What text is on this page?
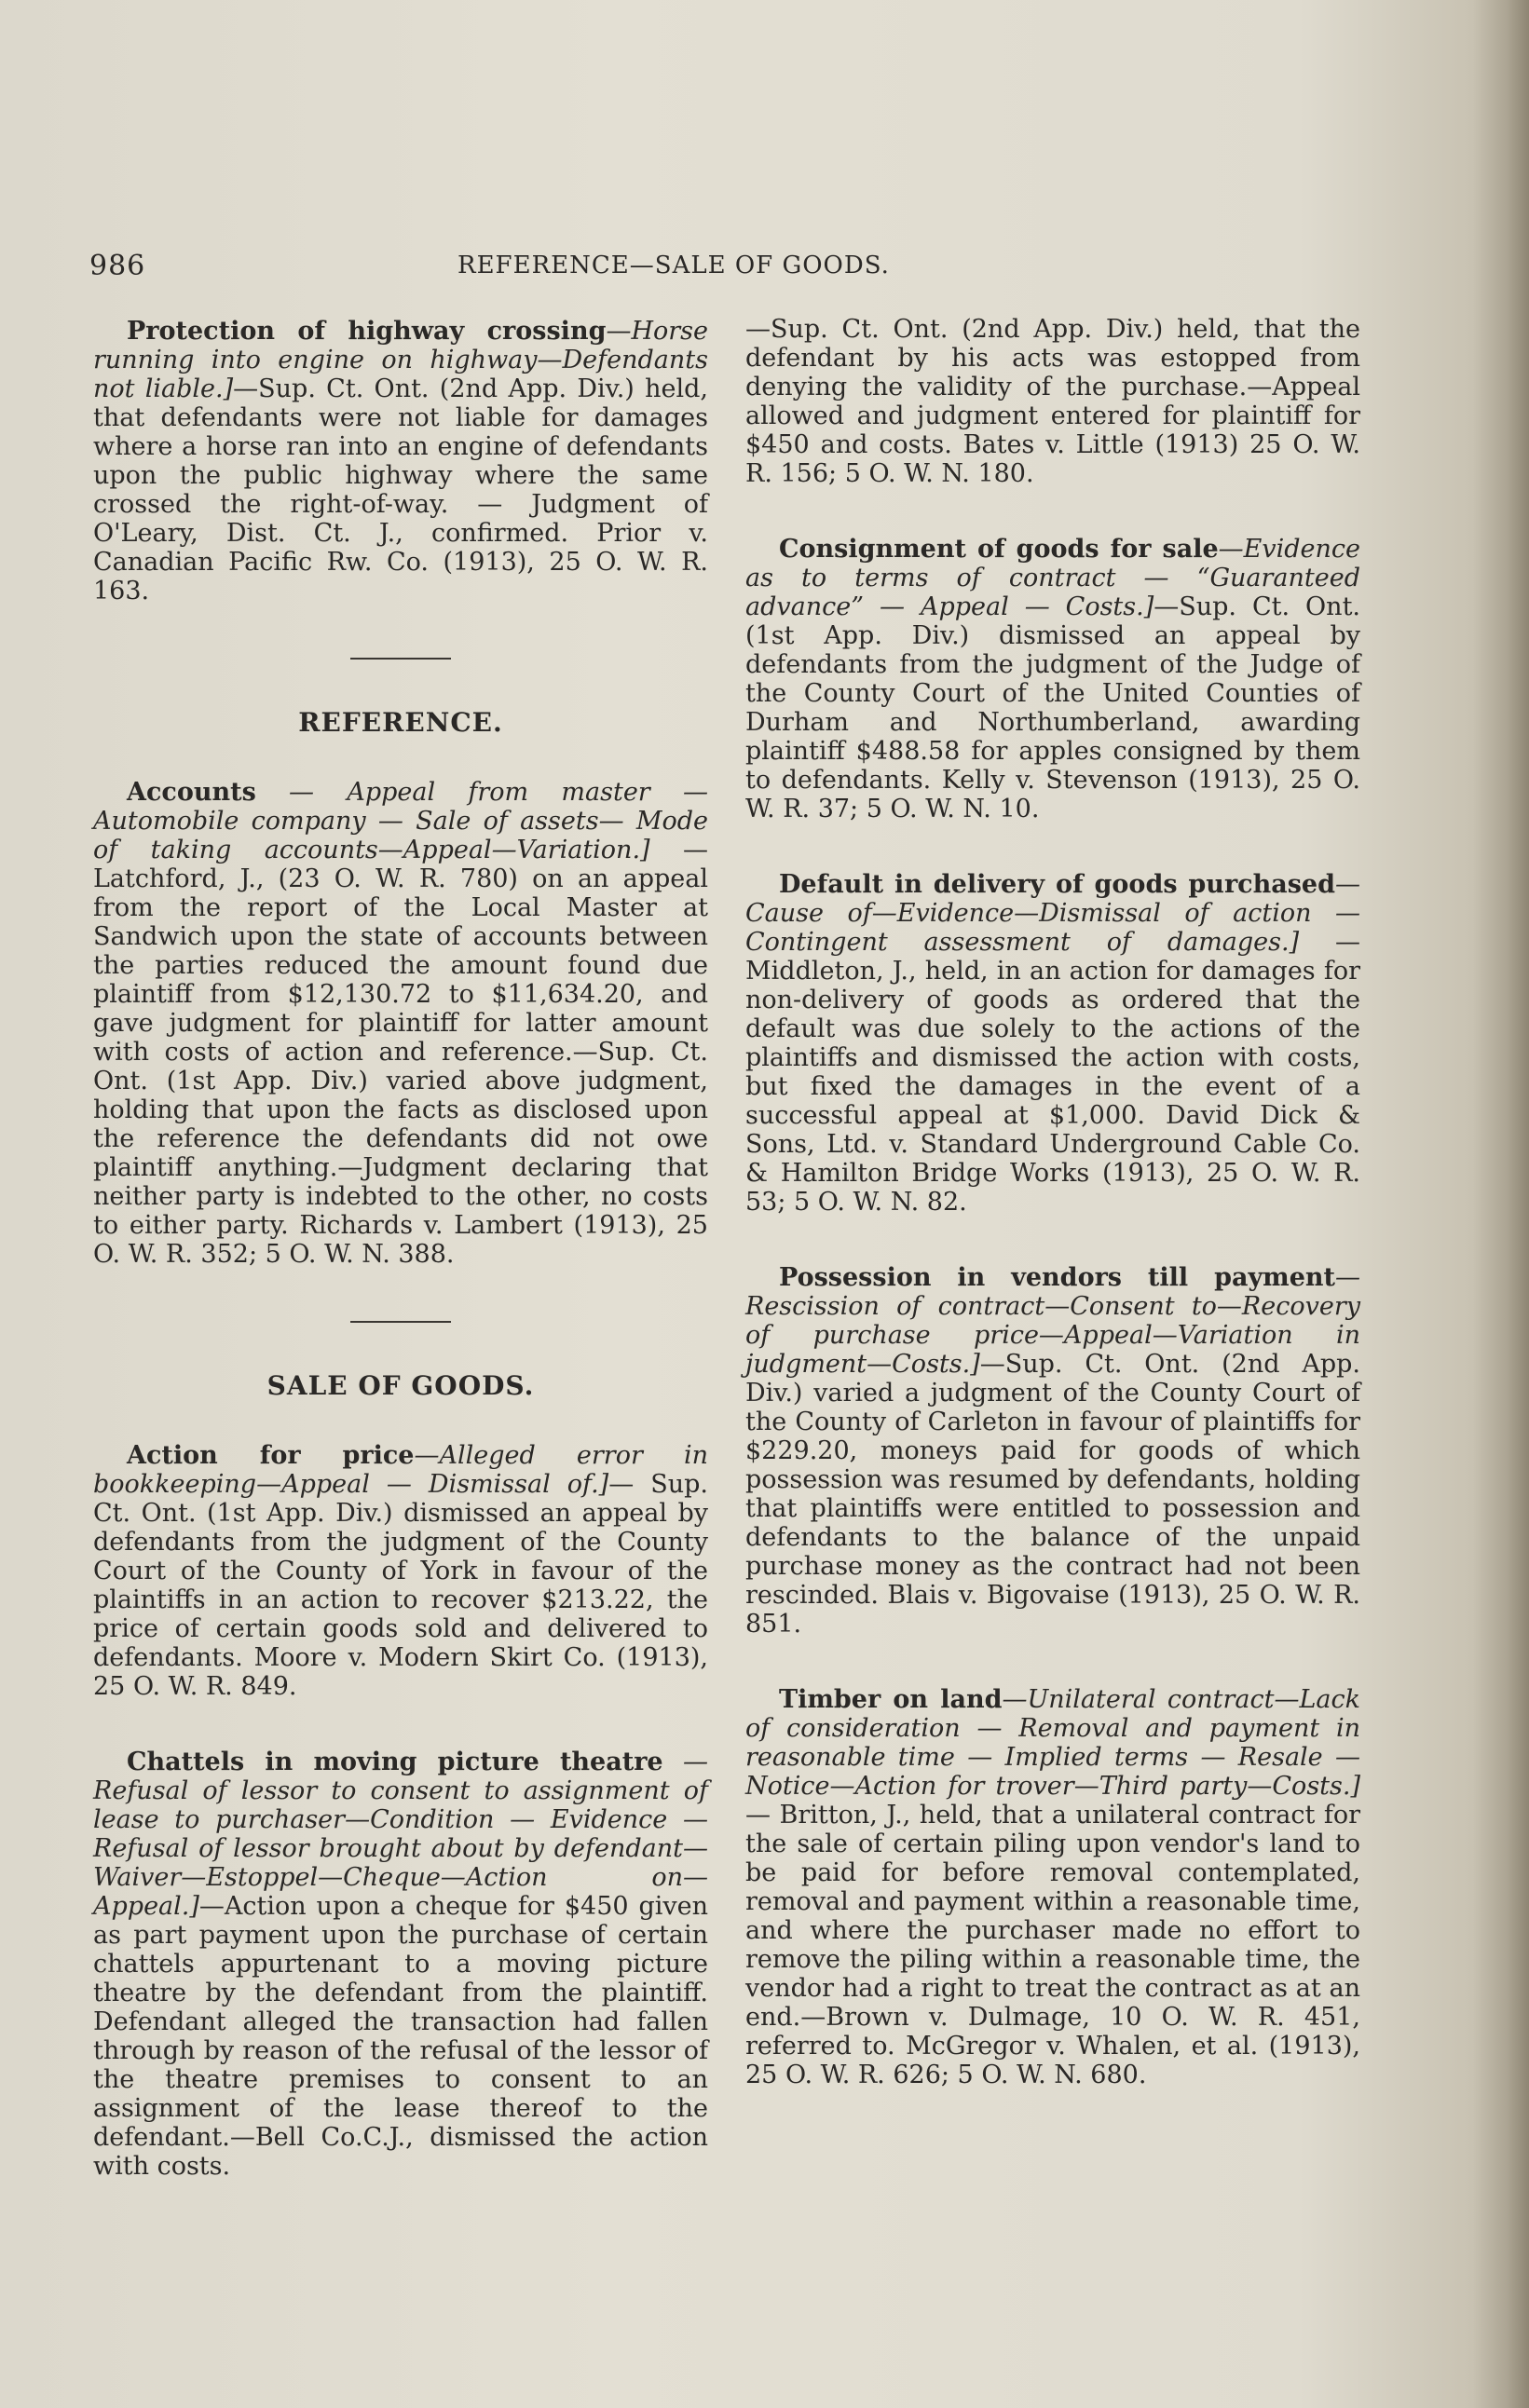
986	REFERENCE—SALE OF GOODS.

Protection of highway crossing—Horse running into engine on highway—Defendants not liable.]—Sup. Ct. Ont. (2nd App. Div.) held, that defendants were not liable for damages where a horse ran into an engine of defendants upon the public highway where the same crossed the right-of-way. — Judgment of O'Leary, Dist. Ct. J., confirmed. Prior v. Canadian Pacific Rw. Co. (1913), 25 O. W. R. 163.

REFERENCE.

Accounts — Appeal from master — Automobile company — Sale of assets— Mode of taking accounts—Appeal—Variation.] — Latchford, J., (23 O. W. R. 780) on an appeal from the report of the Local Master at Sandwich upon the state of accounts between the parties reduced the amount found due plaintiff from $12,130.72 to $11,634.20, and gave judgment for plaintiff for latter amount with costs of action and reference.—Sup. Ct. Ont. (1st App. Div.) varied above judgment, holding that upon the facts as disclosed upon the reference the defendants did not owe plaintiff anything.—Judgment declaring that neither party is indebted to the other, no costs to either party. Richards v. Lambert (1913), 25 O. W. R. 352; 5 O. W. N. 388.

SALE OF GOODS.

Action for price—Alleged error in bookkeeping—Appeal — Dismissal of.]— Sup. Ct. Ont. (1st App. Div.) dismissed an appeal by defendants from the judgment of the County Court of the County of York in favour of the plaintiffs in an action to recover $213.22, the price of certain goods sold and delivered to defendants. Moore v. Modern Skirt Co. (1913), 25 O. W. R. 849.

Chattels in moving picture theatre — Refusal of lessor to consent to assignment of lease to purchaser—Condition — Evidence — Refusal of lessor brought about by defendant—Waiver—Estoppel—Cheque—Action on—Appeal.]—Action upon a cheque for $450 given as part payment upon the purchase of certain chattels appurtenant to a moving picture theatre by the defendant from the plaintiff. Defendant alleged the transaction had fallen through by reason of the refusal of the lessor of the theatre premises to consent to an assignment of the lease thereof to the defendant.—Bell Co.C.J., dismissed the action with costs.

—Sup. Ct. Ont. (2nd App. Div.) held, that the defendant by his acts was estopped from denying the validity of the purchase.—Appeal allowed and judgment entered for plaintiff for $450 and costs. Bates v. Little (1913) 25 O. W. R. 156; 5 O. W. N. 180.

Consignment of goods for sale—Evidence as to terms of contract — “Guaranteed advance” — Appeal — Costs.]—Sup. Ct. Ont. (1st App. Div.) dismissed an appeal by defendants from the judgment of the Judge of the County Court of the United Counties of Durham and Northumberland, awarding plaintiff $488.58 for apples consigned by them to defendants. Kelly v. Stevenson (1913), 25 O. W. R. 37; 5 O. W. N. 10.

Default in delivery of goods purchased—Cause of—Evidence—Dismissal of action — Contingent assessment of damages.] — Middleton, J., held, in an action for damages for non-delivery of goods as ordered that the default was due solely to the actions of the plaintiffs and dismissed the action with costs, but fixed the damages in the event of a successful appeal at $1,000. David Dick & Sons, Ltd. v. Standard Underground Cable Co. & Hamilton Bridge Works (1913), 25 O. W. R. 53; 5 O. W. N. 82.

Possession in vendors till payment—Rescission of contract—Consent to—Recovery of purchase price—Appeal—Variation in judgment—Costs.]—Sup. Ct. Ont. (2nd App. Div.) varied a judgment of the County Court of the County of Carleton in favour of plaintiffs for $229.20, moneys paid for goods of which possession was resumed by defendants, holding that plaintiffs were entitled to possession and defendants to the balance of the unpaid purchase money as the contract had not been rescinded. Blais v. Bigovaise (1913), 25 O. W. R. 851.

Timber on land—Unilateral contract—Lack of consideration — Removal and payment in reasonable time — Implied terms — Resale — Notice—Action for trover—Third party—Costs.] — Britton, J., held, that a unilateral contract for the sale of certain piling upon vendor's land to be paid for before removal contemplated, removal and payment within a reasonable time, and where the purchaser made no effort to remove the piling within a reasonable time, the vendor had a right to treat the contract as at an end.—Brown v. Dulmage, 10 O. W. R. 451, referred to. McGregor v. Whalen, et al. (1913), 25 O. W. R. 626; 5 O. W. N. 680.
